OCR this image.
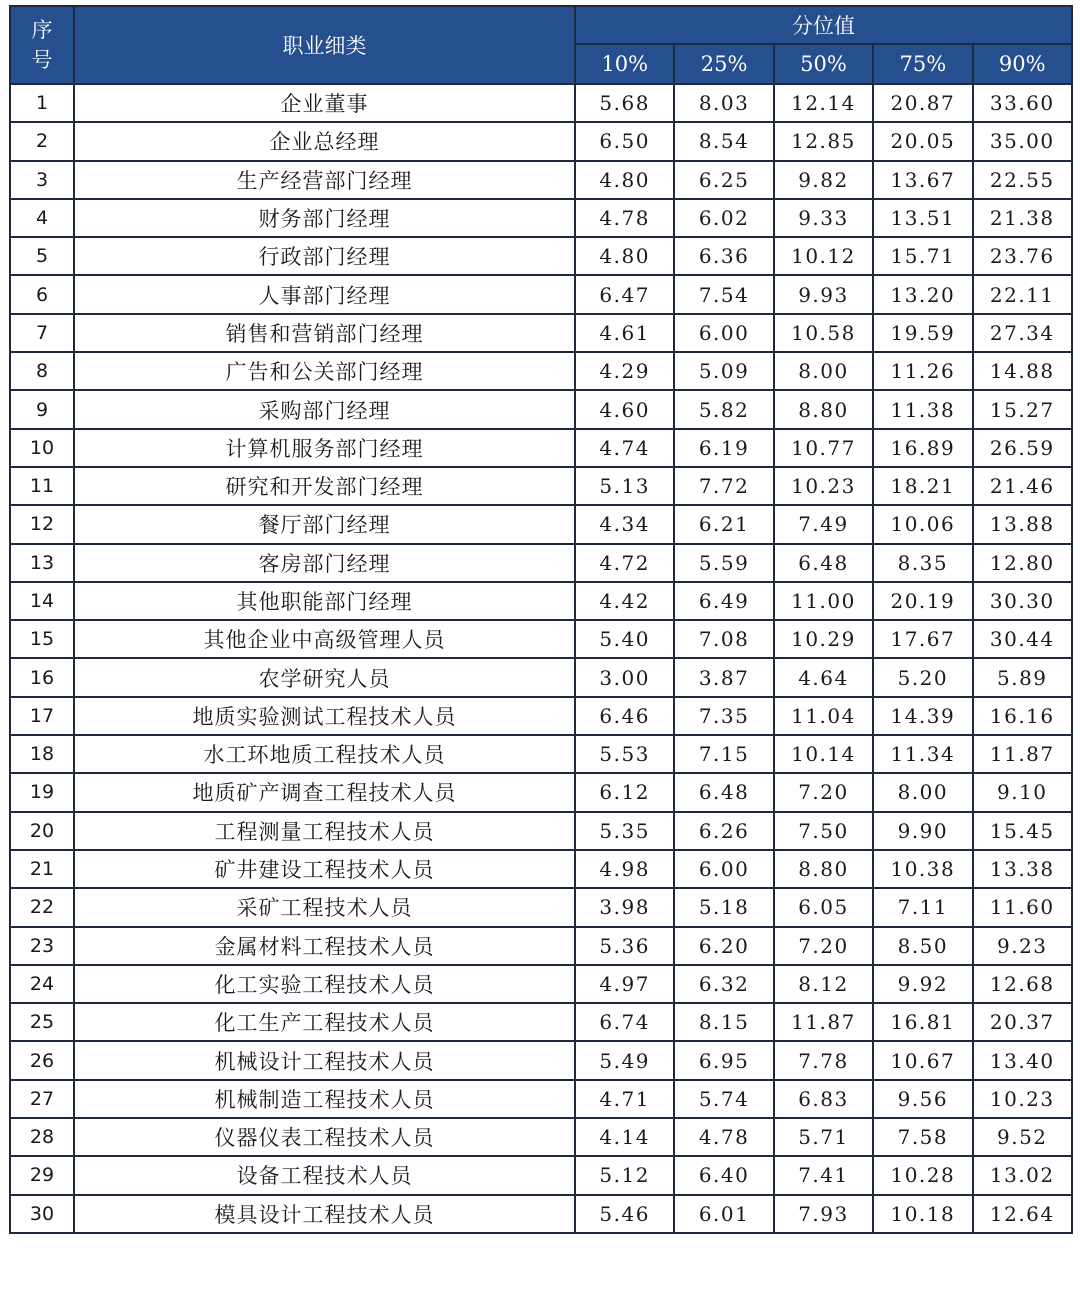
序
号	职业细类	分位值				
		10%	25%	50%	75%	90%
1	企业董事	5.68	8.03	12.14	20.87	33.60
2	企业总经理	6.50	8.54	12.85	20.05	35.00
3	生产经营部门经理	4.80	6.25	9.82	13.67	22.55
4	财务部门经理	4.78	6.02	9.33	13.51	21.38
5	行政部门经理	4.80	6.36	10.12	15.71	23.76
6	人事部门经理	6.47	7.54	9.93	13.20	22.11
7	销售和营销部门经理	4.61	6.00	10.58	19.59	27.34
8	广告和公关部门经理	4.29	5.09	8.00	11.26	14.88
9	采购部门经理	4.60	5.82	8.80	11.38	15.27
10	计算机服务部门经理	4.74	6.19	10.77	16.89	26.59
11	研究和开发部门经理	5.13	7.72	10.23	18.21	21.46
12	餐厅部门经理	4.34	6.21	7.49	10.06	13.88
13	客房部门经理	4.72	5.59	6.48	8.35	12.80
14	其他职能部门经理	4.42	6.49	11.00	20.19	30.30
15	其他企业中高级管理人员	5.40	7.08	10.29	17.67	30.44
16	农学研究人员	3.00	3.87	4.64	5.20	5.89
17	地质实验测试工程技术人员	6.46	7.35	11.04	14.39	16.16
18	水工环地质工程技术人员	5.53	7.15	10.14	11.34	11.87
19	地质矿产调查工程技术人员	6.12	6.48	7.20	8.00	9.10
20	工程测量工程技术人员	5.35	6.26	7.50	9.90	15.45
21	矿井建设工程技术人员	4.98	6.00	8.80	10.38	13.38
22	采矿工程技术人员	3.98	5.18	6.05	7.11	11.60
23	金属材料工程技术人员	5.36	6.20	7.20	8.50	9.23
24	化工实验工程技术人员	4.97	6.32	8.12	9.92	12.68
25	化工生产工程技术人员	6.74	8.15	11.87	16.81	20.37
26	机械设计工程技术人员	5.49	6.95	7.78	10.67	13.40
27	机械制造工程技术人员	4.71	5.74	6.83	9.56	10.23
28	仪器仪表工程技术人员	4.14	4.78	5.71	7.58	9.52
29	设备工程技术人员	5.12	6.40	7.41	10.28	13.02
30	模具设计工程技术人员	5.46	6.01	7.93	10.18	12.64
